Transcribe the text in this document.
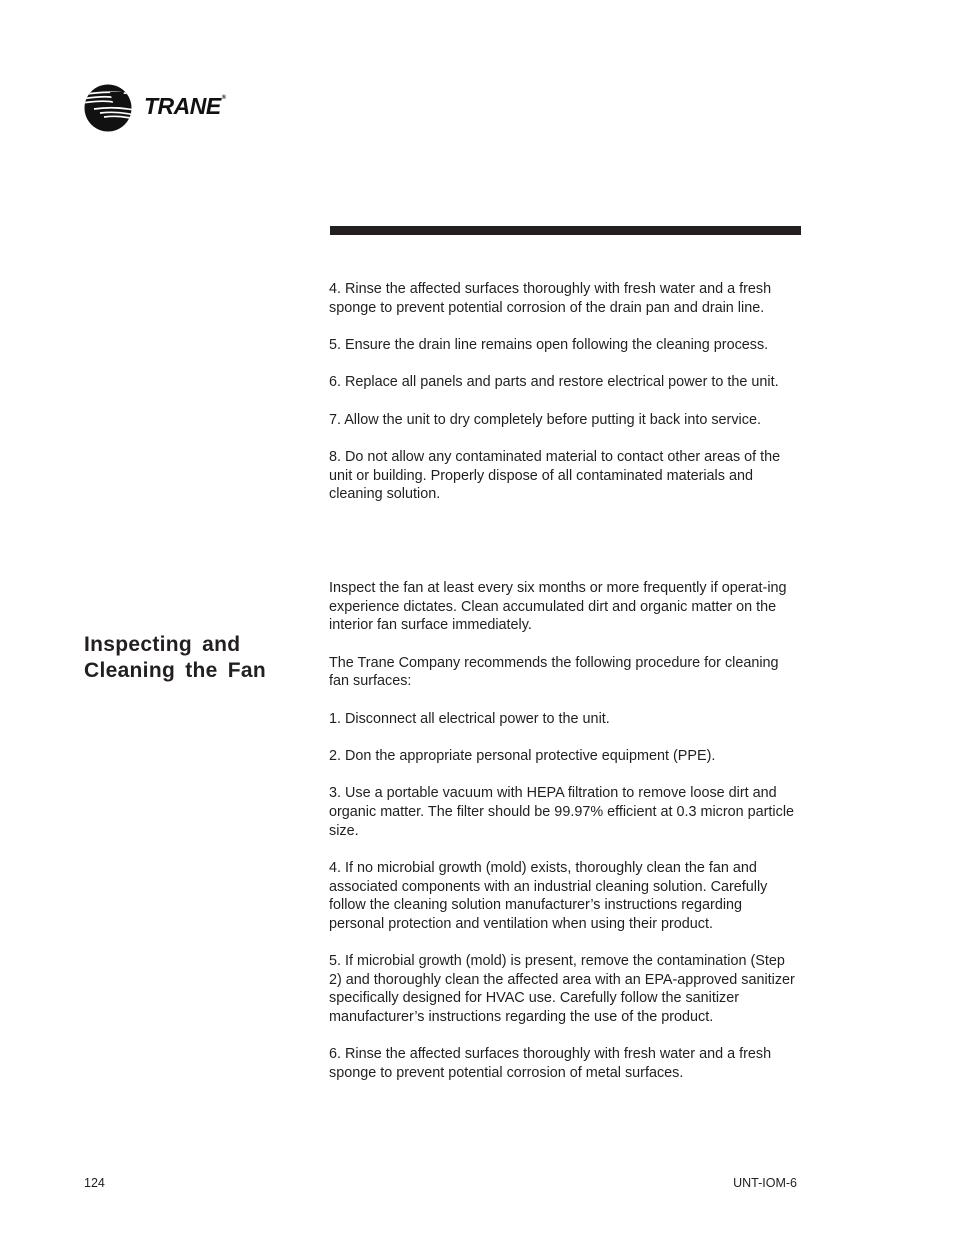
TRANE®

4. Rinse the affected surfaces thoroughly with fresh water and a fresh sponge to prevent potential corrosion of the drain pan and drain line.

5. Ensure the drain line remains open following the cleaning process.

6. Replace all panels and parts and restore electrical power to the unit.

7. Allow the unit to dry completely before putting it back into service.

8. Do not allow any contaminated material to contact other areas of the unit or building. Properly dispose of all contaminated materials and cleaning solution.

Inspecting and
Cleaning the Fan

Inspect the fan at least every six months or more frequently if operat-ing experience dictates. Clean accumulated dirt and organic matter on the interior fan surface immediately.

The Trane Company recommends the following procedure for cleaning fan surfaces:

1. Disconnect all electrical power to the unit.

2. Don the appropriate personal protective equipment (PPE).

3. Use a portable vacuum with HEPA filtration to remove loose dirt and organic matter. The filter should be 99.97% efficient at 0.3 micron particle size.

4. If no microbial growth (mold) exists, thoroughly clean the fan and associated components with an industrial cleaning solution. Carefully follow the cleaning solution manufacturer’s instructions regarding personal protection and ventilation when using their product.

5. If microbial growth (mold) is present, remove the contamination (Step 2) and thoroughly clean the affected area with an EPA-approved sanitizer specifically designed for HVAC use. Carefully follow the sanitizer manufacturer’s instructions regarding the use of the product.

6. Rinse the affected surfaces thoroughly with fresh water and a fresh sponge to prevent potential corrosion of metal surfaces.

124	UNT-IOM-6
